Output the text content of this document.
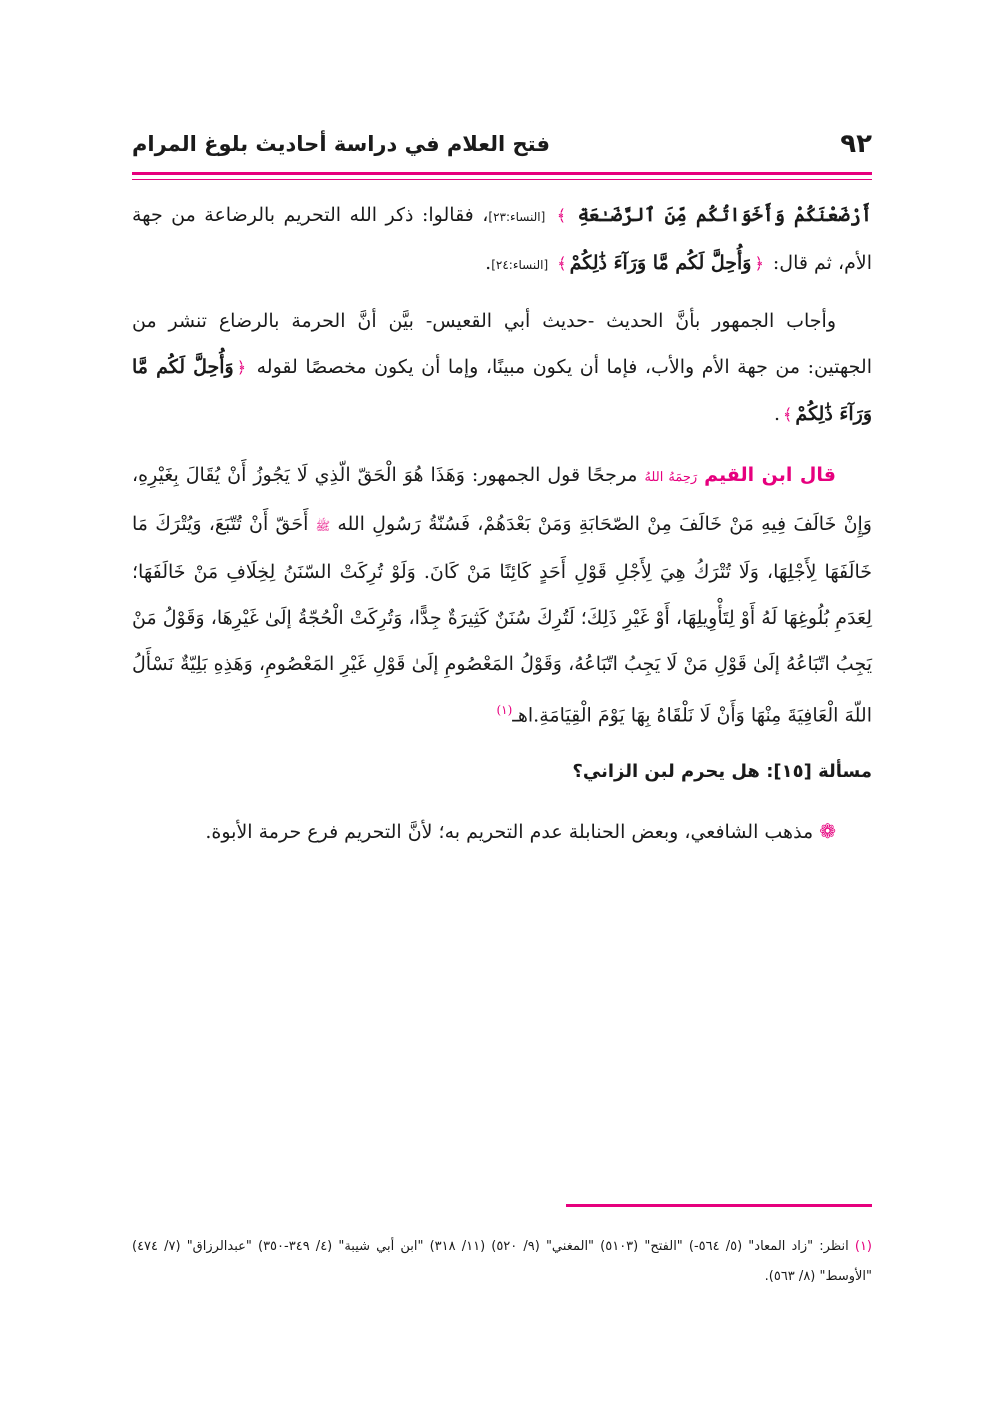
٩٢
فتح العلام في دراسة أحاديث بلوغ المرام

أَرْضَعْنَكُمْ وَأَخَوَاتُكُم مِّنَ ٱلرَّضَـٰعَةِ ﴾ [النساء:٢٣]، فقالوا: ذكر الله التحريم بالرضاعة من جهة الأم، ثم قال: ﴿وَأُحِلَّ لَكُم مَّا وَرَآءَ ذَٰلِكُمْ﴾ [النساء:٢٤].

وأجاب الجمهور بأنَّ الحديث -حديث أبي القعيس- بيَّن أنَّ الحرمة بالرضاع تنشر من الجهتين: من جهة الأم والأب، فإما أن يكون مبينًا، وإما أن يكون مخصصًا لقوله ﴿وَأُحِلَّ لَكُم مَّا وَرَآءَ ذَٰلِكُمْ﴾.

قال ابن القيم رَحِمَهُ اللهُ مرجحًا قول الجمهور: وَهَذَا هُوَ الْحَقّ الّذِي لَا يَجُوزُ أَنْ يُقَالَ بِغَيْرِهِ، وَإِنْ خَالَفَ فِيهِ مَنْ خَالَفَ مِنْ الصّحَابَةِ وَمَنْ بَعْدَهُمْ، فَسُنّةُ رَسُولِ الله ﷺ أَحَقّ أَنْ تُتّبَعَ، وَيُتْرَكَ مَا خَالَفَهَا لِأَجْلِهَا، وَلَا تُتْرَكُ هِيَ لِأَجْلِ قَوْلِ أَحَدٍ كَائِنًا مَنْ كَانَ. وَلَوْ تُرِكَتْ السّنَنُ لِخِلَافِ مَنْ خَالَفَهَا؛ لِعَدَمِ بُلُوغِهَا لَهُ أَوْ لِتَأْوِيلِهَا، أَوْ غَيْرِ ذَلِكَ؛ لَتُرِكَ سُنَنٌ كَثِيرَةٌ جِدًّا، وَتُرِكَتْ الْحُجّةُ إلَىٰ غَيْرِهَا، وَقَوْلُ مَنْ يَجِبُ اتّبَاعُهُ إلَىٰ قَوْلِ مَنْ لَا يَجِبُ اتّبَاعُهُ، وَقَوْلُ المَعْصُومِ إلَىٰ قَوْلِ غَيْرِ المَعْصُومِ، وَهَذِهِ بَلِيّةٌ نَسْأَلُ اللّهَ الْعَافِيَةَ مِنْهَا وَأَنْ لَا نَلْقَاهُ بِهَا يَوْمَ الْقِيَامَةِ.اهـ$^{(١)}$

مسألة [١٥]: هل يحرم لبن الزاني؟

❁مذهب الشافعي، وبعض الحنابلة عدم التحريم به؛ لأنَّ التحريم فرع حرمة الأبوة.

(١) انظر: "زاد المعاد" (٥/ ٥٦٤-) "الفتح" (٥١٠٣) "المغني" (٩/ ٥٢٠) (١١/ ٣١٨) "ابن أبي شيبة" (٤/ ٣٤٩-٣٥٠) "عبدالرزاق" (٧/ ٤٧٤) "الأوسط" (٨/ ٥٦٣).
